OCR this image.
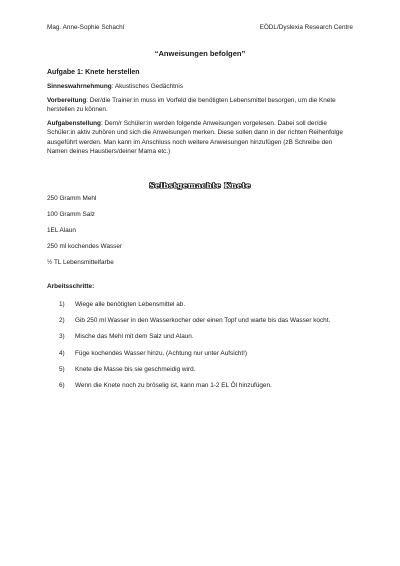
Mag. Anne-Sophie Schachl	EÖDL/Dyslexia Research Centre
“Anweisungen befolgen”
Aufgabe 1: Knete herstellen
Sinneswahrnehmung: Akustisches Gedächtnis
Vorbereitung: Der/die Trainer:in muss im Vorfeld die benötigten Lebensmittel besorgen, um die Knete herstellen zu können.
Aufgabenstellung: Dem/r Schüler:in werden folgende Anweisungen vorgelesen. Dabei soll der/die Schüler:in aktiv zuhören und sich die Anweisungen merken. Diese sollen dann in der richten Reihenfolge ausgeführt werden. Man kann im Anschluss noch weitere Anweisungen hinzufügen (zB Schreibe den Namen deines Haustiers/deiner Mama etc.)
Selbstgemachte Knete
250 Gramm Mehl
100 Gramm Salz
1EL Alaun
250 ml kochendes Wasser
½ TL Lebensmittelfarbe
Arbeitsschritte:
1)	Wiege alle benötigten Lebensmittel ab.
2)	Gib 250 ml Wasser in den Wasserkocher oder einen Topf und warte bis das Wasser kocht.
3)	Mische das Mehl mit dem Salz und Alaun.
4)	Füge kochendes Wasser hinzu. (Achtung nur unter Aufsicht!)
5)	Knete die Masse bis sie geschmeidig wird.
6)	Wenn die Knete noch zu bröselig ist, kann man 1-2 EL Öl hinzufügen.
